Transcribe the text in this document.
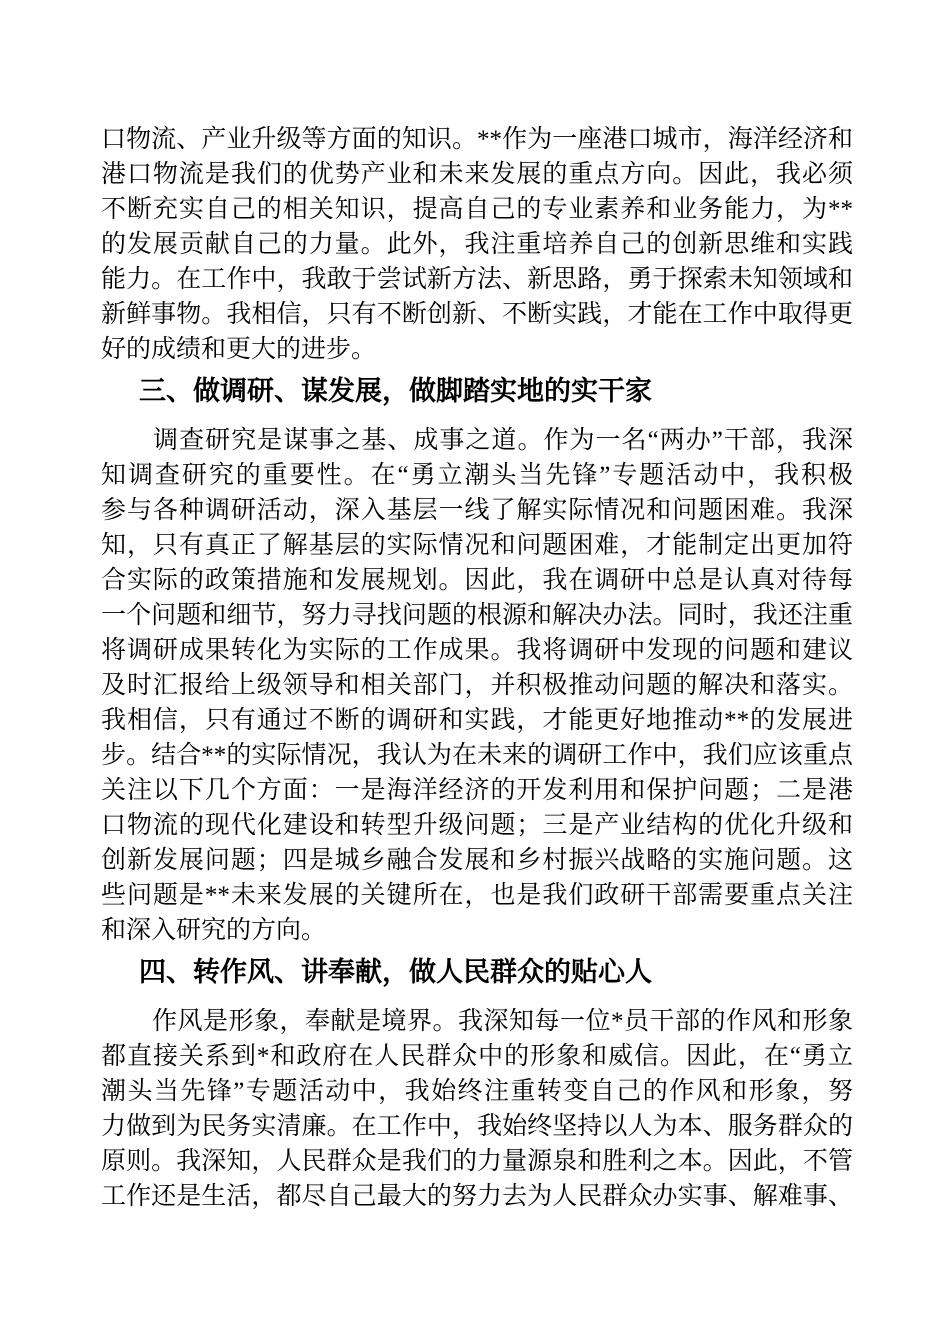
口物流、产业升级等方面的知识。**作为一座港口城市，海洋经济和
港口物流是我们的优势产业和未来发展的重点方向。因此，我必须
不断充实自己的相关知识，提高自己的专业素养和业务能力，为**
的发展贡献自己的力量。此外，我注重培养自己的创新思维和实践
能力。在工作中，我敢于尝试新方法、新思路，勇于探索未知领域和
新鲜事物。我相信，只有不断创新、不断实践，才能在工作中取得更
好的成绩和更大的进步。
三、做调研、谋发展，做脚踏实地的实干家
　　调查研究是谋事之基、成事之道。作为一名“两办”干部，我深
知调查研究的重要性。在“勇立潮头当先锋”专题活动中，我积极
参与各种调研活动，深入基层一线了解实际情况和问题困难。我深
知，只有真正了解基层的实际情况和问题困难，才能制定出更加符
合实际的政策措施和发展规划。因此，我在调研中总是认真对待每
一个问题和细节，努力寻找问题的根源和解决办法。同时，我还注重
将调研成果转化为实际的工作成果。我将调研中发现的问题和建议
及时汇报给上级领导和相关部门，并积极推动问题的解决和落实。
我相信，只有通过不断的调研和实践，才能更好地推动**的发展进
步。结合**的实际情况，我认为在未来的调研工作中，我们应该重点
关注以下几个方面：一是海洋经济的开发利用和保护问题；二是港
口物流的现代化建设和转型升级问题；三是产业结构的优化升级和
创新发展问题；四是城乡融合发展和乡村振兴战略的实施问题。这
些问题是**未来发展的关键所在，也是我们政研干部需要重点关注
和深入研究的方向。
四、转作风、讲奉献，做人民群众的贴心人
　　作风是形象，奉献是境界。我深知每一位*员干部的作风和形象
都直接关系到*和政府在人民群众中的形象和威信。因此，在“勇立
潮头当先锋”专题活动中，我始终注重转变自己的作风和形象，努
力做到为民务实清廉。在工作中，我始终坚持以人为本、服务群众的
原则。我深知，人民群众是我们的力量源泉和胜利之本。因此，不管
工作还是生活，都尽自己最大的努力去为人民群众办实事、解难事、
